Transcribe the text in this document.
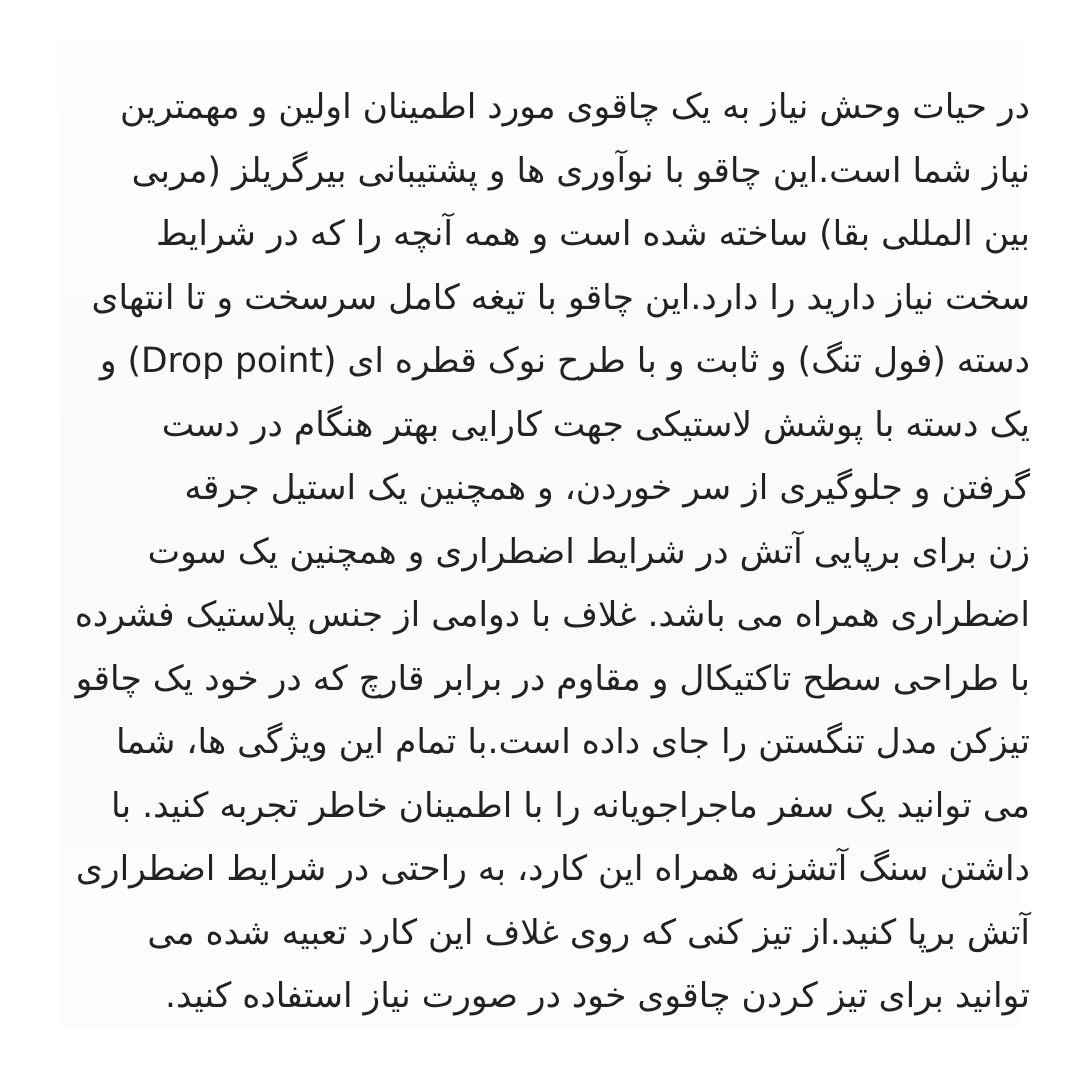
در حیات وحش نیاز به یک چاقوی مورد اطمینان اولین و مهمترین
نیاز شما است.این چاقو با نوآوری ها و پشتیبانی بیرگریلز (مربی
بین المللی بقا) ساخته شده است و همه آنچه را که در شرایط
سخت نیاز دارید را دارد.این چاقو با تیغه کامل سرسخت و تا انتهای
دسته (فول تنگ) و ثابت و با طرح نوک قطره ای (Drop point) و
یک دسته با پوشش لاستیکی جهت کارایی بهتر هنگام در دست
گرفتن و جلوگیری از سر خوردن، و همچنین یک استیل جرقه
زن برای برپایی آتش در شرایط اضطراری و همچنین یک سوت
اضطراری همراه می باشد. غلاف با دوامی از جنس پلاستیک فشرده
با طراحی سطح تاکتیکال و مقاوم در برابر قارچ که در خود یک چاقو
تیزکن مدل تنگستن را جای داده است.با تمام این ویژگی ها، شما
می توانید یک سفر ماجراجویانه را با اطمینان خاطر تجربه کنید. با
داشتن سنگ آتشزنه همراه این کارد، به راحتی در شرایط اضطراری
آتش برپا کنید.از تیز کنی که روی غلاف این کارد تعبیه شده می
توانید برای تیز کردن چاقوی خود در صورت نیاز استفاده کنید.
